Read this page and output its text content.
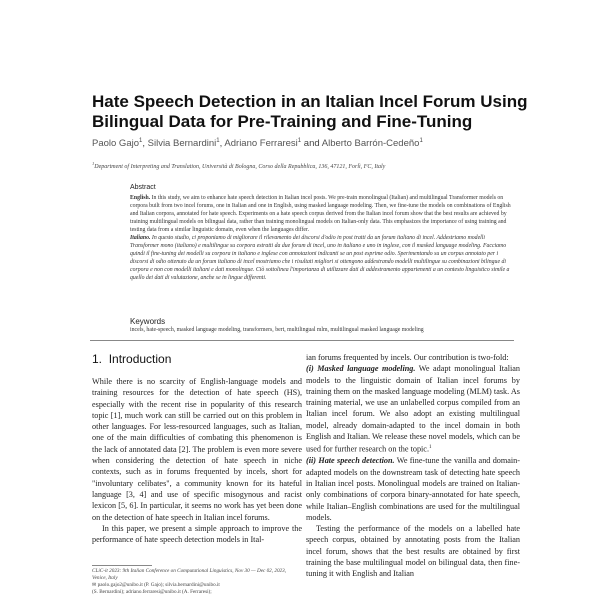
Hate Speech Detection in an Italian Incel Forum Using
Bilingual Data for Pre-Training and Fine-Tuning
Paolo Gajo$^1$, Silvia Bernardini$^1$, Adriano Ferraresi$^1$ and Alberto Barrón-Cedeño$^1$
$^1$Department of Interpreting and Translation, Università di Bologna, Corso della Repubblica, 136, 47121, Forlì, FC, Italy
Abstract
English. In this study, we aim to enhance hate speech detection in Italian incel posts. We pre-train monolingual (Italian) and multilingual Transformer models on corpora built from two incel forums, one in Italian and one in English, using masked language modeling. Then, we fine-tune the models on combinations of English and Italian corpora, annotated for hate speech. Experiments on a hate speech corpus derived from the Italian incel forum show that the best results are achieved by training multilingual models on bilingual data, rather than training monolingual models on Italian-only data. This emphasizes the importance of using training and testing data from a similar linguistic domain, even when the languages differ.
Italiano. In questo studio, ci proponiamo di migliorare il rilevamento dei discorsi d'odio in post tratti da un forum italiano di incel. Addestriamo modelli Transformer mono (italiano) e multilingue su corpora estratti da due forum di incel, uno in italiano e uno in inglese, con il masked language modeling. Facciamo quindi il fine-tuning dei modelli su corpora in italiano e inglese con annotazioni indicanti se un post esprime odio. Sperimentando su un corpus annotato per i discorsi di odio ottenuto da un forum italiano di incel mostriamo che i risultati migliori si ottengono addestrando modelli multilingue su combinazioni bilingue di corpora e non con modelli italiani e dati monolingue. Ciò sottolinea l'importanza di utilizzare dati di addestramento appartenenti a un contesto linguistico simile a quello dei dati di valutazione, anche se in lingue differenti.
Keywords
incels, hate-speech, masked language modeling, transformers, bert, multilingual mlm, multilingual masked language modeling
1. Introduction

While there is no scarcity of English-language models and training resources for the detection of hate speech (HS), especially with the recent rise in popularity of this research topic [1], much work can still be carried out on this problem in other languages. For less-resourced languages, such as Italian, one of the main difficulties of combating this phenomenon is the lack of annotated data [2]. The problem is even more severe when considering the detection of hate speech in niche contexts, such as in forums frequented by incels, short for "involuntary celibates", a community known for its hateful language [3, 4] and use of specific misogynous and racist lexicon [5, 6]. In particular, it seems no work has yet been done on the detection of hate speech in Italian incel forums.

In this paper, we present a simple approach to improve the performance of hate speech detection models in Ital-

ian forums frequented by incels. Our contribution is two-fold:

(i) Masked language modeling. We adapt monolingual Italian models to the linguistic domain of Italian incel forums by training them on the masked language modeling (MLM) task. As training material, we use an unlabelled corpus compiled from an Italian incel forum. We also adopt an existing multilingual model, already domain-adapted to the incel domain in both English and Italian. We release these novel models, which can be used for further research on the topic.$^1$

(ii) Hate speech detection. We fine-tune the vanilla and domain-adapted models on the downstream task of detecting hate speech in Italian incel posts. Monolingual models are trained on Italian-only combinations of corpora binary-annotated for hate speech, while Italian–English combinations are used for the multilingual models.

Testing the performance of the models on a labelled hate speech corpus, obtained by annotating posts from the Italian incel forum, shows that the best results are obtained by first training the base multilingual model on bilingual data, then fine-tuning it with English and Italian

CLiC-it 2023: 9th Italian Conference on Computational Linguistics, Nov 30 — Dec 02, 2023, Venice, Italy
✉ paolo.gajo2@unibo.it (P. Gajo); silvia.bernardini@unibo.it
(S. Bernardini); adriano.ferraresi@unibo.it (A. Ferraresi);
